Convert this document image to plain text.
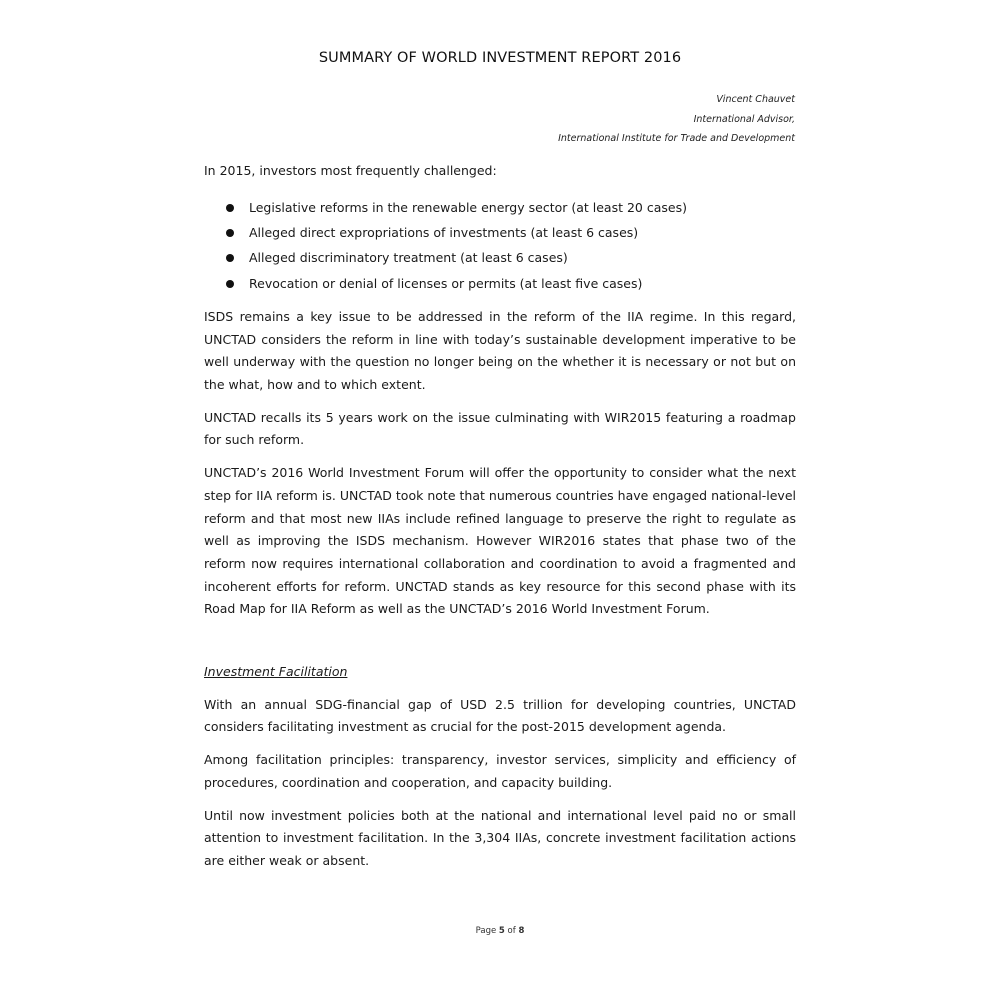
SUMMARY OF WORLD INVESTMENT REPORT 2016
Vincent Chauvet
International Advisor,
International Institute for Trade and Development

In 2015, investors most frequently challenged:

Legislative reforms in the renewable energy sector (at least 20 cases)
Alleged direct expropriations of investments (at least 6 cases)
Alleged discriminatory treatment (at least 6 cases)
Revocation or denial of licenses or permits (at least five cases)

ISDS remains a key issue to be addressed in the reform of the IIA regime. In this regard, UNCTAD considers the reform in line with today’s sustainable development imperative to be well underway with the question no longer being on the whether it is necessary or not but on the what, how and to which extent.

UNCTAD recalls its 5 years work on the issue culminating with WIR2015 featuring a roadmap for such reform.

UNCTAD’s 2016 World Investment Forum will offer the opportunity to consider what the next step for IIA reform is. UNCTAD took note that numerous countries have engaged national-level reform and that most new IIAs include refined language to preserve the right to regulate as well as improving the ISDS mechanism. However WIR2016 states that phase two of the reform now requires international collaboration and coordination to avoid a fragmented and incoherent efforts for reform. UNCTAD stands as key resource for this second phase with its Road Map for IIA Reform as well as the UNCTAD’s 2016 World Investment Forum.

Investment Facilitation

With an annual SDG-financial gap of USD 2.5 trillion for developing countries, UNCTAD considers facilitating investment as crucial for the post-2015 development agenda.

Among facilitation principles: transparency, investor services, simplicity and efficiency of procedures, coordination and cooperation, and capacity building.

Until now investment policies both at the national and international level paid no or small attention to investment facilitation. In the 3,304 IIAs, concrete investment facilitation actions are either weak or absent.

Page 5 of 8
